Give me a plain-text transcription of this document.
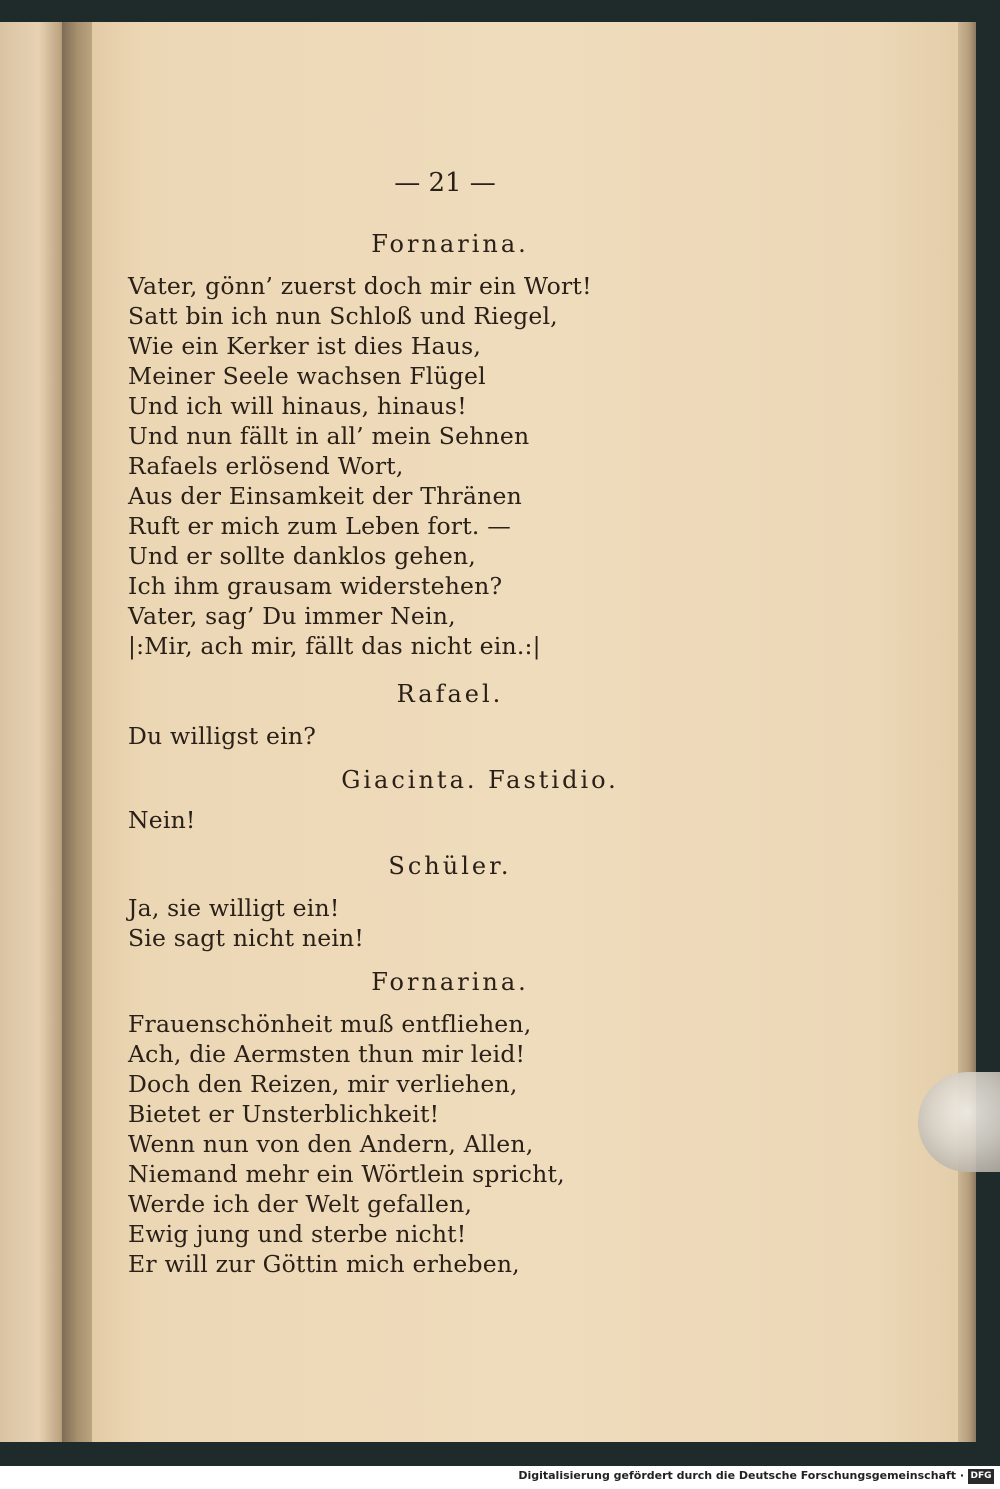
— 21 —

Fornarina.

Vater, gönn’ zuerst doch mir ein Wort!

Satt bin ich nun Schloß und Riegel,

Wie ein Kerker ist dies Haus,

Meiner Seele wachsen Flügel

Und ich will hinaus, hinaus!

Und nun fällt in all’ mein Sehnen

Rafaels erlösend Wort,

Aus der Einsamkeit der Thränen

Ruft er mich zum Leben fort. —

Und er sollte danklos gehen,

Ich ihm grausam widerstehen?

Vater, sag’ Du immer Nein,

|:Mir, ach mir, fällt das nicht ein.:|

Rafael.

Du willigst ein?

Giacinta. Fastidio.

Nein!

Schüler.

Ja, sie willigt ein!

Sie sagt nicht nein!

Fornarina.

Frauenschönheit muß entfliehen,

Ach, die Aermsten thun mir leid!

Doch den Reizen, mir verliehen,

Bietet er Unsterblichkeit!

Wenn nun von den Andern, Allen,

Niemand mehr ein Wörtlein spricht,

Werde ich der Welt gefallen,

Ewig jung und sterbe nicht!

Er will zur Göttin mich erheben,

Digitalisierung gefördert durch die Deutsche Forschungsgemeinschaft · DFG
